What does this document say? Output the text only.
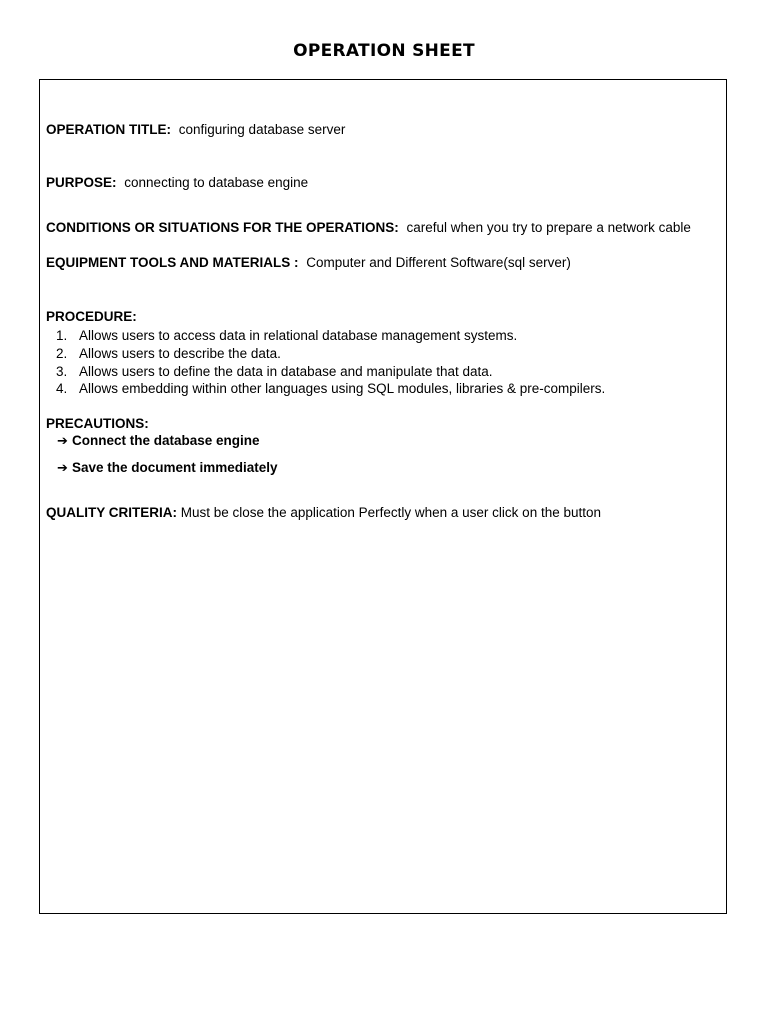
OPERATION SHEET
OPERATION TITLE: configuring database server
PURPOSE: connecting to database engine
CONDITIONS OR SITUATIONS FOR THE OPERATIONS: careful when you try to prepare a network cable
EQUIPMENT TOOLS AND MATERIALS : Computer and Different Software(sql server)
PROCEDURE:
1. Allows users to access data in relational database management systems.
2. Allows users to describe the data.
3. Allows users to define the data in database and manipulate that data.
4. Allows embedding within other languages using SQL modules, libraries & pre-compilers.
PRECAUTIONS:
➔ Connect the database engine
➔ Save the document immediately
QUALITY CRITERIA: Must be close the application Perfectly when a user click on the button
